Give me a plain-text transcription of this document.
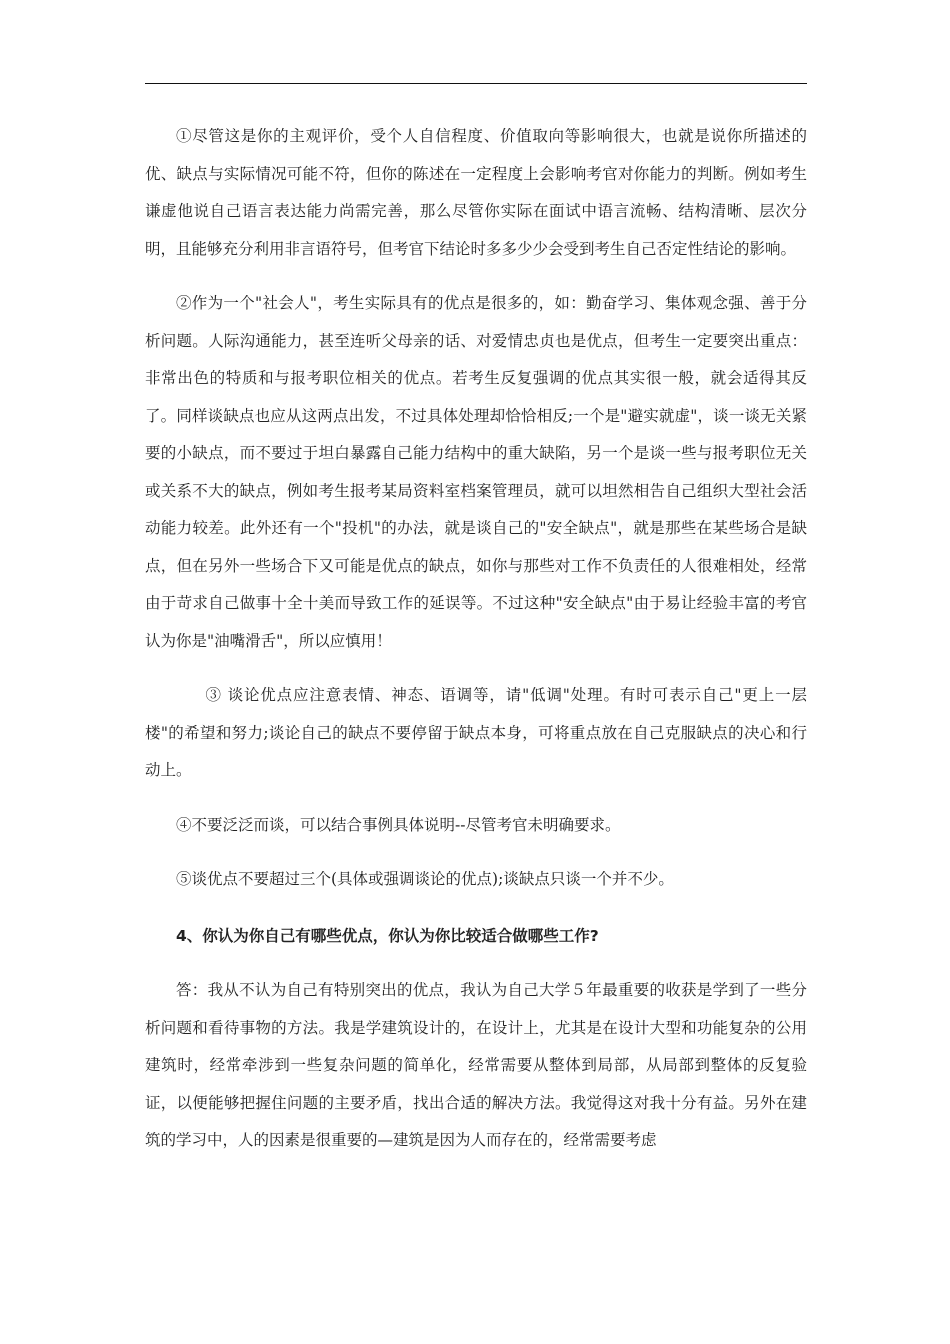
①尽管这是你的主观评价，受个人自信程度、价值取向等影响很大，也就是说你所描述的优、缺点与实际情况可能不符，但你的陈述在一定程度上会影响考官对你能力的判断。例如考生谦虚他说自己语言表达能力尚需完善，那么尽管你实际在面试中语言流畅、结构清晰、层次分明，且能够充分利用非言语符号，但考官下结论时多多少少会受到考生自己否定性结论的影响。

②作为一个"社会人"，考生实际具有的优点是很多的，如：勤奋学习、集体观念强、善于分析问题。人际沟通能力，甚至连听父母亲的话、对爱情忠贞也是优点，但考生一定要突出重点：非常出色的特质和与报考职位相关的优点。若考生反复强调的优点其实很一般，就会适得其反了。同样谈缺点也应从这两点出发，不过具体处理却恰恰相反;一个是"避实就虚"，谈一谈无关紧要的小缺点，而不要过于坦白暴露自己能力结构中的重大缺陷，另一个是谈一些与报考职位无关或关系不大的缺点，例如考生报考某局资料室档案管理员，就可以坦然相告自己组织大型社会活动能力较差。此外还有一个"投机"的办法，就是谈自己的"安全缺点"，就是那些在某些场合是缺点，但在另外一些场合下又可能是优点的缺点，如你与那些对工作不负责任的人很难相处，经常由于苛求自己做事十全十美而导致工作的延误等。不过这种"安全缺点"由于易让经验丰富的考官认为你是"油嘴滑舌"，所以应慎用！

③ 谈论优点应注意表情、神态、语调等，请"低调"处理。有时可表示自己"更上一层楼"的希望和努力;谈论自己的缺点不要停留于缺点本身，可将重点放在自己克服缺点的决心和行动上。

④不要泛泛而谈，可以结合事例具体说明--尽管考官未明确要求。

⑤谈优点不要超过三个(具体或强调谈论的优点);谈缺点只谈一个并不少。

4、你认为你自己有哪些优点，你认为你比较适合做哪些工作?

答：我从不认为自己有特别突出的优点，我认为自己大学５年最重要的收获是学到了一些分析问题和看待事物的方法。我是学建筑设计的，在设计上，尤其是在设计大型和功能复杂的公用建筑时，经常牵涉到一些复杂问题的简单化，经常需要从整体到局部，从局部到整体的反复验证，以便能够把握住问题的主要矛盾，找出合适的解决方法。我觉得这对我十分有益。另外在建筑的学习中，人的因素是很重要的—建筑是因为人而存在的，经常需要考虑
